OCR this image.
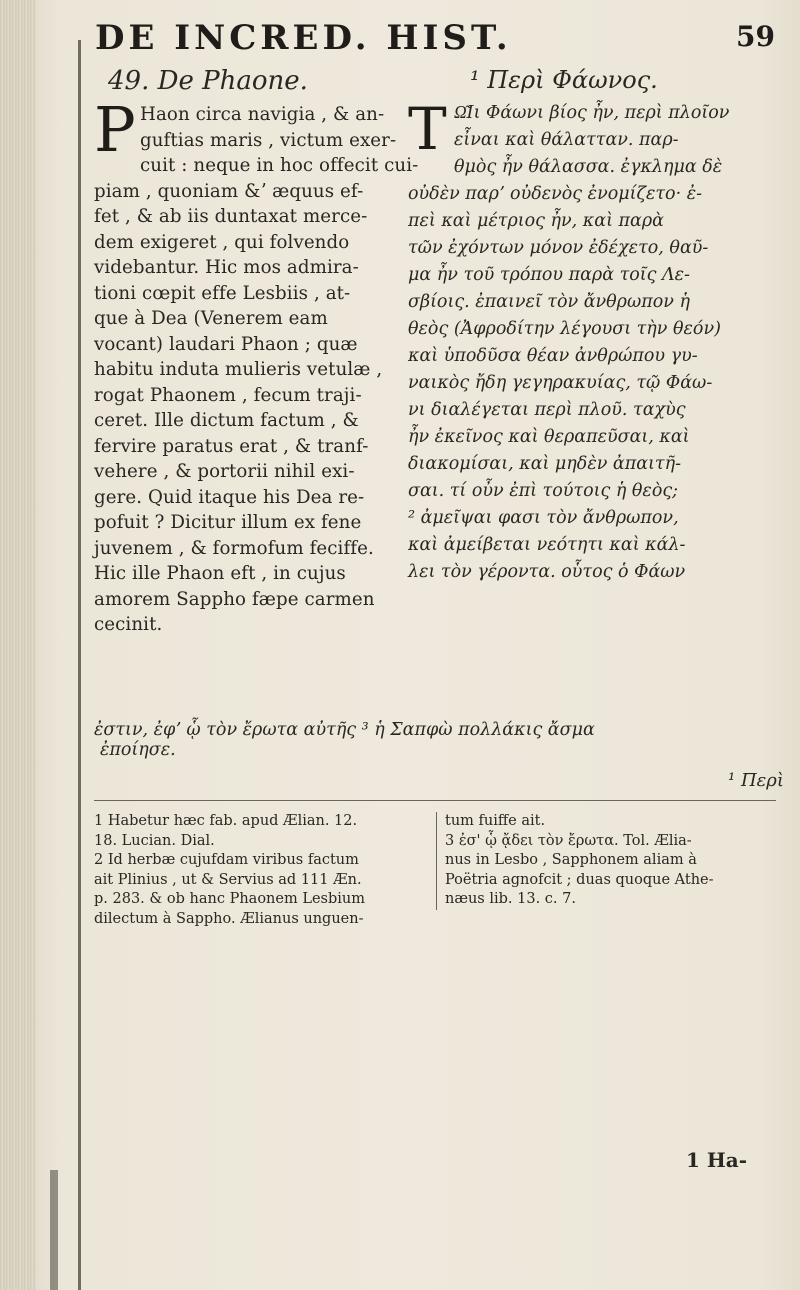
DE INCRED. HIST.	59
49. De Phaone.
P Haon circa navigia , & an-
guftias maris , victum exer-
cuit : neque in hoc offecit cui-
piam , quoniam &ʼ æquus ef-
fet , & ab iis duntaxat merce-
dem exigeret , qui folvendo
videbantur. Hic mos admira-
tioni cœpit effe Lesbiis , at-
que à Dea (Venerem eam
vocant) laudari Phaon ; quæ
habitu induta mulieris vetulæ ,
rogat Phaonem , fecum traji-
ceret. Ille dictum factum , &
fervire paratus erat , & tranf-
vehere , & portorii nihil exi-
gere. Quid itaque his Dea re-
pofuit ? Dicitur illum ex fene
juvenem , & formofum feciffe.
Hic ille Phaon eft , in cujus
amorem Sappho fæpe carmen
cecinit.
¹ Περὶ Φάωνος.
T Ω͂Ιι Φάωνι βίος ἦν, περὶ πλοῖον
εἶναι καὶ θάλατταν. παρ-
θμὸς ἦν θάλασσα. ἐγκλημα δὲ
οὐδὲν παρʼ οὐδενὸς ἐνομίζετο· ἐ-
πεὶ καὶ μέτριος ἦν, καὶ παρὰ
τῶν ἐχόντων μόνον ἐδέχετο, θαῦ-
μα ἦν τοῦ τρόπου παρὰ τοῖς Λε-
σβίοις. ἐπαινεῖ τὸν ἄνθρωπον ἡ
θεὸς (Ἀφροδίτην λέγουσι τὴν θεόν)
καὶ ὑποδῦσα θέαν ἀνθρώπου γυ-
ναικὸς ἤδη γεγηρακυίας, τῷ Φάω-
νι διαλέγεται περὶ πλοῦ. ταχὺς
ἦν ἐκεῖνος καὶ θεραπεῦσαι, καὶ
διακομίσαι, καὶ μηδὲν ἀπαιτῆ-
σαι. τί οὖν ἐπὶ τούτοις ἡ θεὸς;
² ἀμεῖψαι φασι τὸν ἄνθρωπον,
καὶ ἀμείβεται νεότητι καὶ κάλ-
λει τὸν γέροντα. οὗτος ὁ Φάων
ἐστιν, ἐφʼ ᾧ τὸν ἔρωτα αὐτῆς ³ ἡ Σαπφὼ πολλάκις ἄσμα
ἐποίησε.
¹ Περὶ
1 Habetur hæc fab. apud Ælian. 12.
18. Lucian. Dial.
2 Id herbæ cujufdam viribus factum
ait Plinius , ut & Servius ad 111 Æn.
p. 283. & ob hanc Phaonem Lesbium
dilectum à Sappho. Ælianus unguen-
tum fuiffe ait.
3 ἐσ' ᾧ ᾄδει τὸν ἔρωτα. Tol. Ælia-
nus in Lesbo , Sapphonem aliam à
Poëtria agnofcit ; duas quoque Athe-
næus lib. 13. c. 7.
1 Ha-
